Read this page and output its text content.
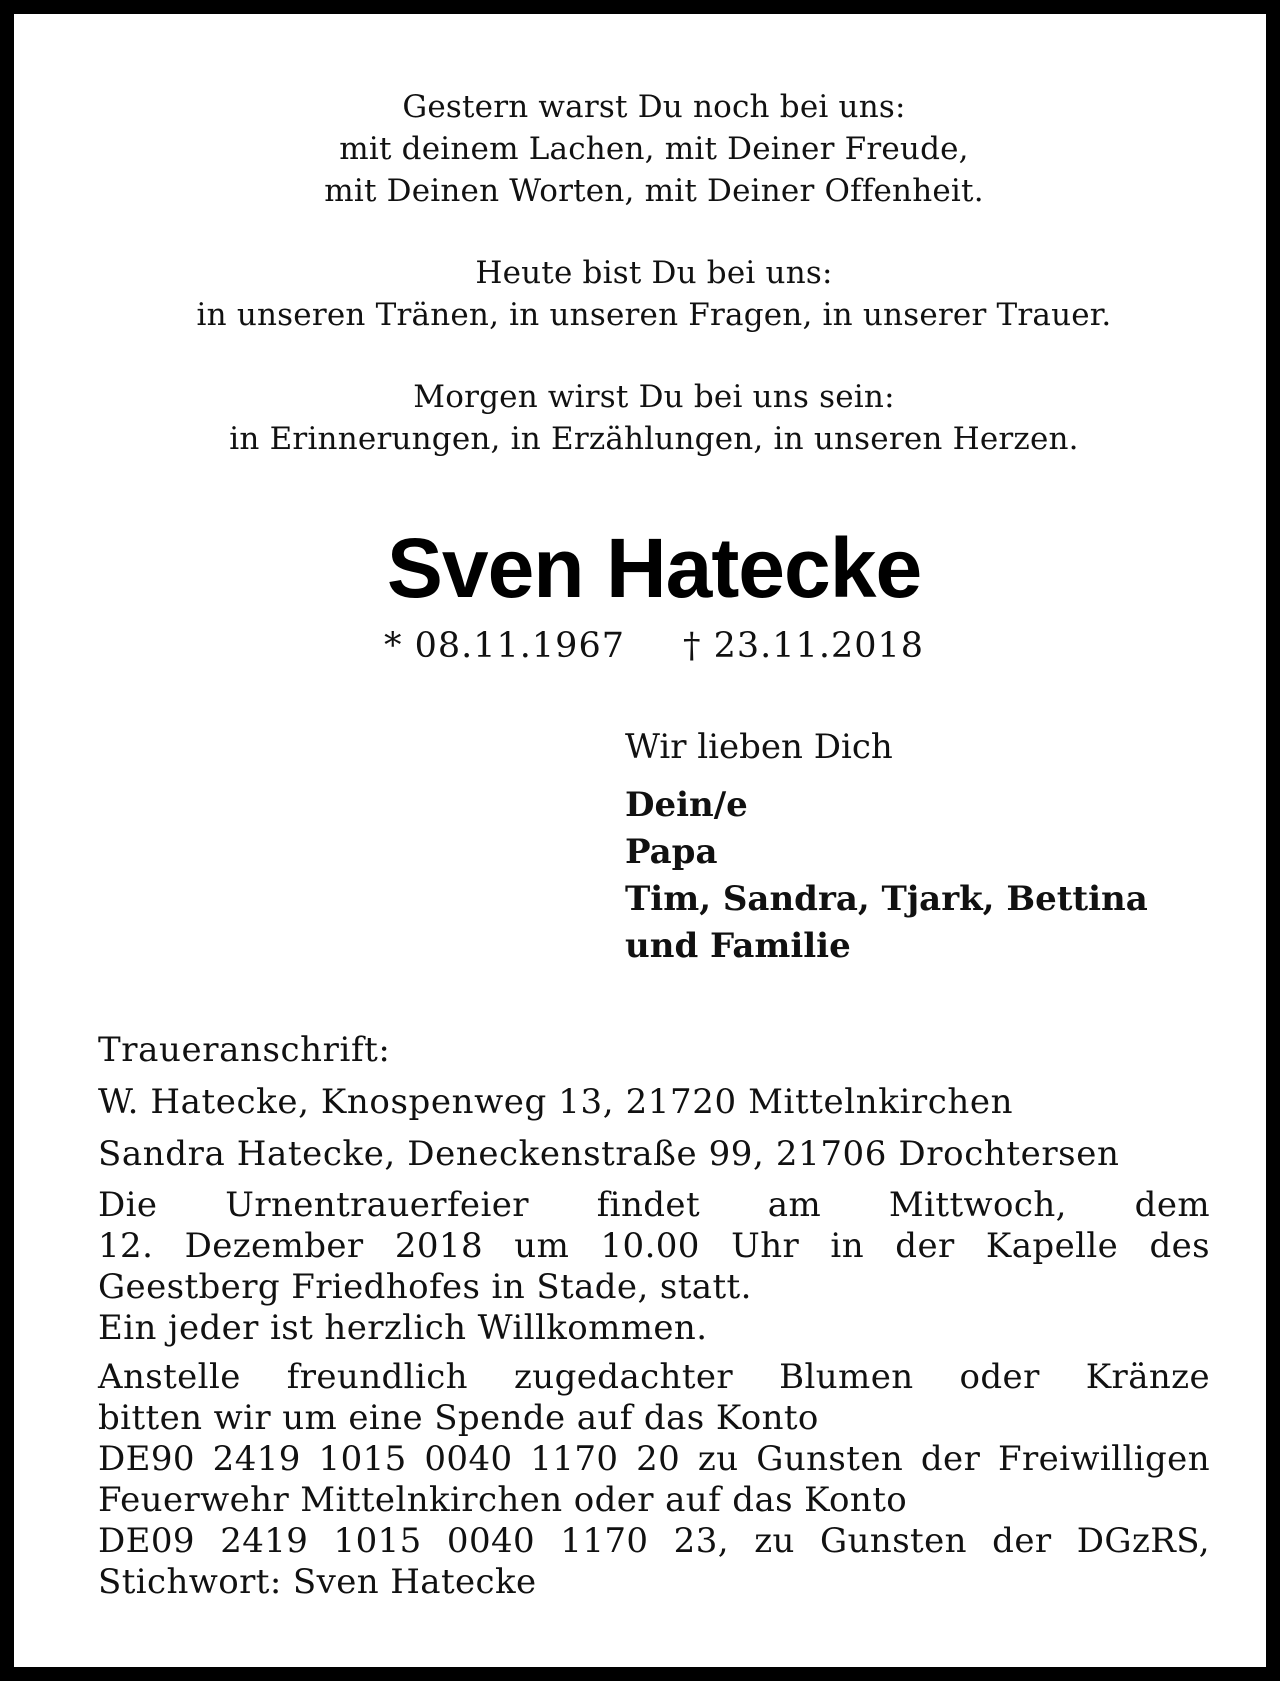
Gestern warst Du noch bei uns:
mit deinem Lachen, mit Deiner Freude,
mit Deinen Worten, mit Deiner Offenheit.
Heute bist Du bei uns:
in unseren Tränen, in unseren Fragen, in unserer Trauer.
Morgen wirst Du bei uns sein:
in Erinnerungen, in Erzählungen, in unseren Herzen.
Sven Hatecke
* 08.11.1967 † 23.11.2018
Wir lieben Dich
Dein/e
Papa
Tim, Sandra, Tjark, Bettina
und Familie
Traueranschrift:
W. Hatecke, Knospenweg 13, 21720 Mittelnkirchen
Sandra Hatecke, Deneckenstraße 99, 21706 Drochtersen
Die Urnentrauerfeier findet am Mittwoch, dem
12. Dezember 2018 um 10.00 Uhr in der Kapelle des
Geestberg Friedhofes in Stade, statt.
Ein jeder ist herzlich Willkommen.
Anstelle freundlich zugedachter Blumen oder Kränze
bitten wir um eine Spende auf das Konto
DE90 2419 1015 0040 1170 20 zu Gunsten der Freiwilligen
Feuerwehr Mittelnkirchen oder auf das Konto
DE09 2419 1015 0040 1170 23, zu Gunsten der DGzRS,
Stichwort: Sven Hatecke
